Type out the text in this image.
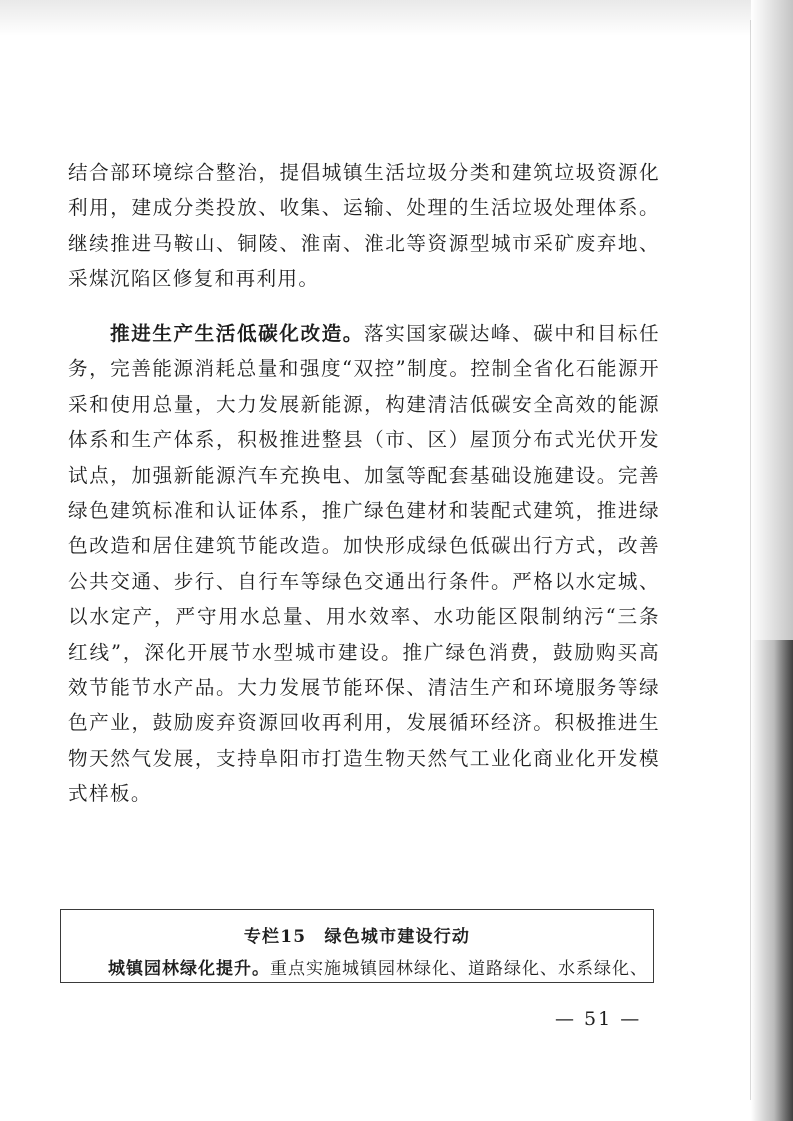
结合部环境综合整治，提倡城镇生活垃圾分类和建筑垃圾资源化利用，建成分类投放、收集、运输、处理的生活垃圾处理体系。继续推进马鞍山、铜陵、淮南、淮北等资源型城市采矿废弃地、采煤沉陷区修复和再利用。
推进生产生活低碳化改造。落实国家碳达峰、碳中和目标任务，完善能源消耗总量和强度“双控”制度。控制全省化石能源开采和使用总量，大力发展新能源，构建清洁低碳安全高效的能源体系和生产体系，积极推进整县（市、区）屋顶分布式光伏开发试点，加强新能源汽车充换电、加氢等配套基础设施建设。完善绿色建筑标准和认证体系，推广绿色建材和装配式建筑，推进绿色改造和居住建筑节能改造。加快形成绿色低碳出行方式，改善公共交通、步行、自行车等绿色交通出行条件。严格以水定城、以水定产，严守用水总量、用水效率、水功能区限制纳污“三条红线”，深化开展节水型城市建设。推广绿色消费，鼓励购买高效节能节水产品。大力发展节能环保、清洁生产和环境服务等绿色产业，鼓励废弃资源回收再利用，发展循环经济。积极推进生物天然气发展，支持阜阳市打造生物天然气工业化商业化开发模式样板。
专栏15　绿色城市建设行动
城镇园林绿化提升。重点实施城镇园林绿化、道路绿化、水系绿化、
— 51 —
